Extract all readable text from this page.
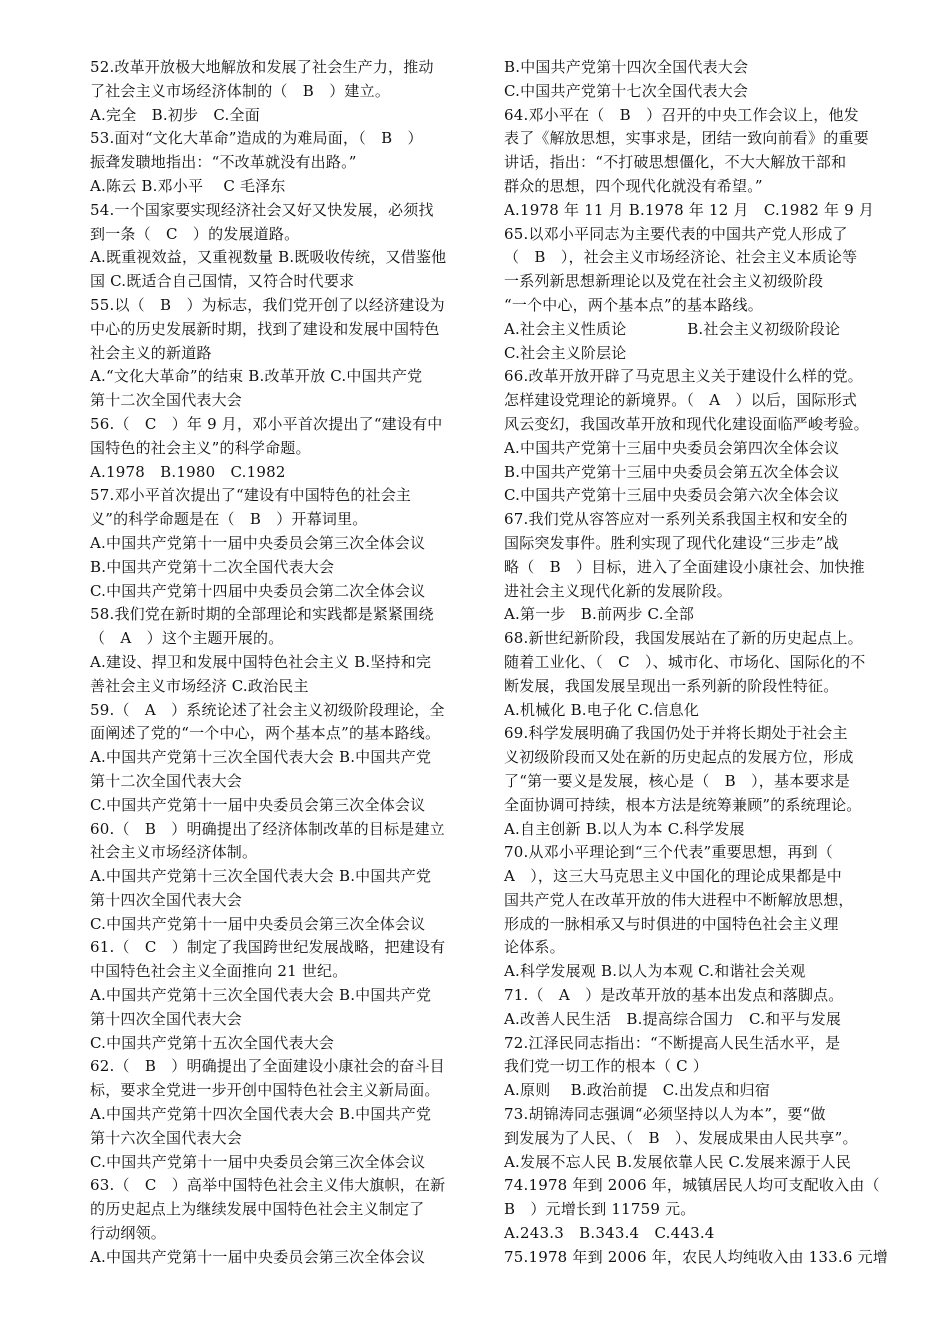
52.改革开放极大地解放和发展了社会生产力，推动
了社会主义市场经济体制的（　B　）建立。
A.完全　B.初步　C.全面
53.面对“文化大革命”造成的为难局面，（　B　）
振聋发聩地指出：“不改革就没有出路。”
A.陈云 B.邓小平　 C 毛泽东
54.一个国家要实现经济社会又好又快发展，必须找
到一条（　C　）的发展道路。
A.既重视效益，又重视数量 B.既吸收传统，又借鉴他
国 C.既适合自己国情，又符合时代要求
55.以（　B　）为标志，我们党开创了以经济建设为
中心的历史发展新时期，找到了建设和发展中国特色
社会主义的新道路
A.“文化大革命”的结束 B.改革开放 C.中国共产党
第十二次全国代表大会
56.（　C　）年 9 月，邓小平首次提出了“建设有中
国特色的社会主义”的科学命题。
A.1978　B.1980　C.1982
57.邓小平首次提出了“建设有中国特色的社会主
义”的科学命题是在（　B　）开幕词里。
A.中国共产党第十一届中央委员会第三次全体会议
B.中国共产党第十二次全国代表大会
C.中国共产党第十四届中央委员会第二次全体会议
58.我们党在新时期的全部理论和实践都是紧紧围绕
（　A　）这个主题开展的。
A.建设、捍卫和发展中国特色社会主义 B.坚持和完
善社会主义市场经济 C.政治民主
59.（　A　）系统论述了社会主义初级阶段理论，全
面阐述了党的“一个中心，两个基本点”的基本路线。
A.中国共产党第十三次全国代表大会 B.中国共产党
第十二次全国代表大会
C.中国共产党第十一届中央委员会第三次全体会议
60.（　B　）明确提出了经济体制改革的目标是建立
社会主义市场经济体制。
A.中国共产党第十三次全国代表大会 B.中国共产党
第十四次全国代表大会
C.中国共产党第十一届中央委员会第三次全体会议
61.（　C　）制定了我国跨世纪发展战略，把建设有
中国特色社会主义全面推向 21 世纪。
A.中国共产党第十三次全国代表大会 B.中国共产党
第十四次全国代表大会
C.中国共产党第十五次全国代表大会
62.（　B　）明确提出了全面建设小康社会的奋斗目
标，要求全党进一步开创中国特色社会主义新局面。
A.中国共产党第十四次全国代表大会 B.中国共产党
第十六次全国代表大会
C.中国共产党第十一届中央委员会第三次全体会议
63.（　C　）高举中国特色社会主义伟大旗帜，在新
的历史起点上为继续发展中国特色社会主义制定了
行动纲领。
A.中国共产党第十一届中央委员会第三次全体会议
B.中国共产党第十四次全国代表大会
C.中国共产党第十七次全国代表大会
64.邓小平在（　B　）召开的中央工作会议上，他发
表了《解放思想，实事求是，团结一致向前看》的重要
讲话，指出：“不打破思想僵化，不大大解放干部和
群众的思想，四个现代化就没有希望。”
A.1978 年 11 月 B.1978 年 12 月　C.1982 年 9 月
65.以邓小平同志为主要代表的中国共产党人形成了
（　B　），社会主义市场经济论、社会主义本质论等
一系列新思想新理论以及党在社会主义初级阶段
“一个中心，两个基本点”的基本路线。
A.社会主义性质论　　　　B.社会主义初级阶段论
C.社会主义阶层论
66.改革开放开辟了马克思主义关于建设什么样的党。
怎样建设党理论的新境界。（　A　）以后，国际形式
风云变幻，我国改革开放和现代化建设面临严峻考验。
A.中国共产党第十三届中央委员会第四次全体会议
B.中国共产党第十三届中央委员会第五次全体会议
C.中国共产党第十三届中央委员会第六次全体会议
67.我们党从容答应对一系列关系我国主权和安全的
国际突发事件。胜利实现了现代化建设“三步走”战
略（　B　）目标，进入了全面建设小康社会、加快推
进社会主义现代化新的发展阶段。
A.第一步　B.前两步 C.全部
68.新世纪新阶段，我国发展站在了新的历史起点上。
随着工业化、（　C　）、城市化、市场化、国际化的不
断发展，我国发展呈现出一系列新的阶段性特征。
A.机械化 B.电子化 C.信息化
69.科学发展明确了我国仍处于并将长期处于社会主
义初级阶段而又处在新的历史起点的发展方位，形成
了“第一要义是发展，核心是（　B　），基本要求是
全面协调可持续，根本方法是统筹兼顾”的系统理论。
A.自主创新 B.以人为本 C.科学发展
70.从邓小平理论到“三个代表”重要思想，再到（
A　），这三大马克思主义中国化的理论成果都是中
国共产党人在改革开放的伟大进程中不断解放思想，
形成的一脉相承又与时俱进的中国特色社会主义理
论体系。
A.科学发展观 B.以人为本观 C.和谐社会关观
71.（　A　）是改革开放的基本出发点和落脚点。
A.改善人民生活　B.提高综合国力　C.和平与发展
72.江泽民同志指出：“不断提高人民生活水平，是
我们党一切工作的根本（ C ）
A.原则　 B.政治前提　C.出发点和归宿
73.胡锦涛同志强调“必须坚持以人为本”，要“做
到发展为了人民、（　B　）、发展成果由人民共享”。
A.发展不忘人民 B.发展依靠人民 C.发展来源于人民
74.1978 年到 2006 年，城镇居民人均可支配收入由（
B　）元增长到 11759 元。
A.243.3　B.343.4　C.443.4
75.1978 年到 2006 年，农民人均纯收入由 133.6 元增
